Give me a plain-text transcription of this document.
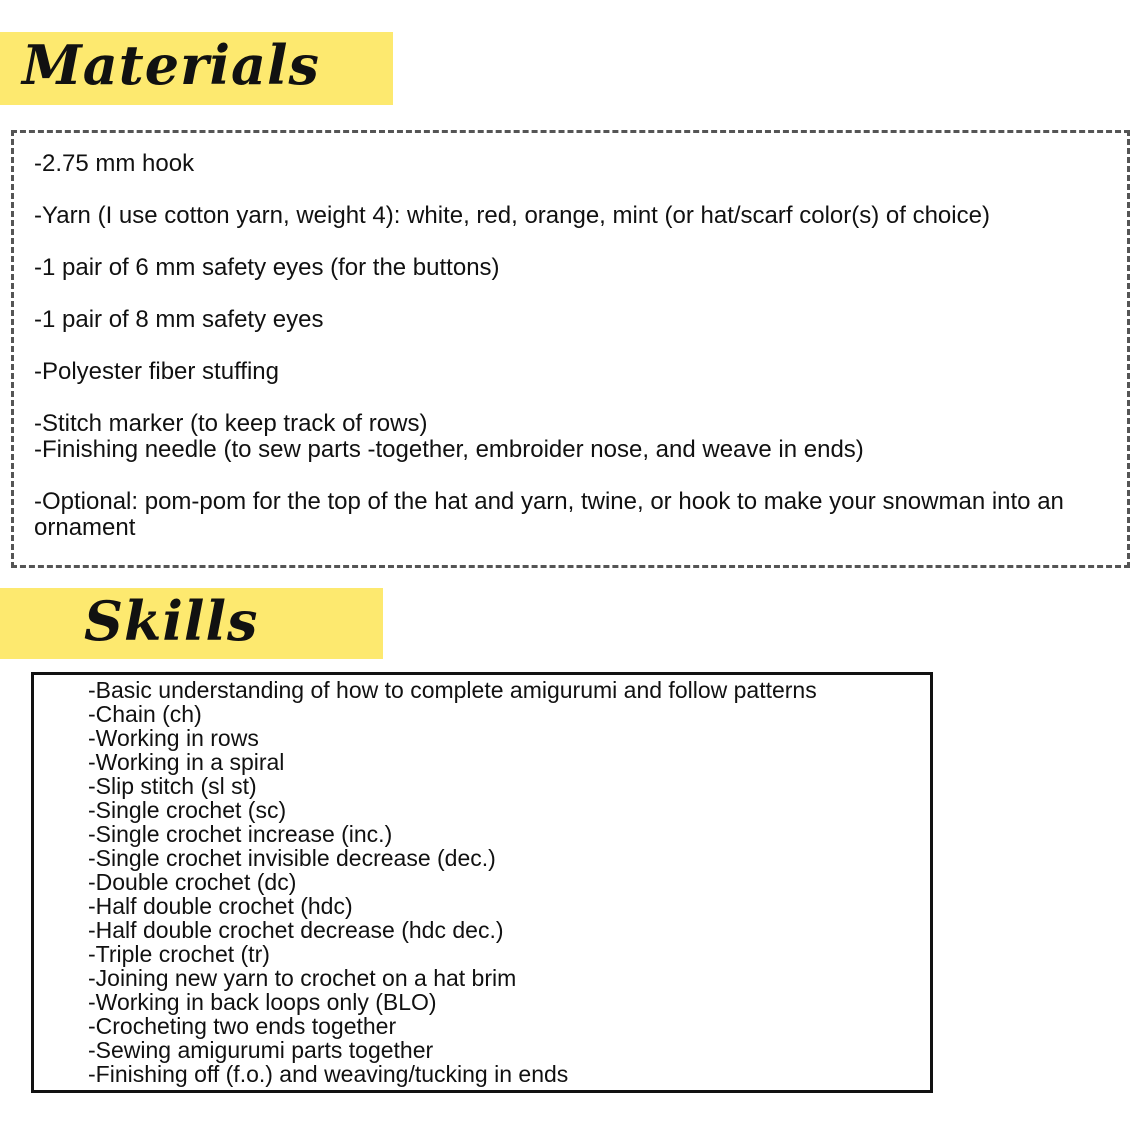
Materials
-2.75 mm hook
-Yarn (I use cotton yarn, weight 4): white, red, orange, mint (or hat/scarf color(s) of choice)
-1 pair of 6 mm safety eyes (for the buttons)
-1 pair of 8 mm safety eyes
-Polyester fiber stuffing
-Stitch marker (to keep track of rows)
-Finishing needle (to sew parts -together, embroider nose, and weave in ends)
-Optional: pom-pom for the top of the hat and yarn, twine, or hook to make your snowman into an ornament
Skills
-Basic understanding of how to complete amigurumi and follow patterns
-Chain (ch)
-Working in rows
-Working in a spiral
-Slip stitch (sl st)
-Single crochet (sc)
-Single crochet increase (inc.)
-Single crochet invisible decrease (dec.)
-Double crochet (dc)
-Half double crochet (hdc)
-Half double crochet decrease (hdc dec.)
-Triple crochet (tr)
-Joining new yarn to crochet on a hat brim
-Working in back loops only (BLO)
-Crocheting two ends together
-Sewing amigurumi parts together
-Finishing off (f.o.) and weaving/tucking in ends
